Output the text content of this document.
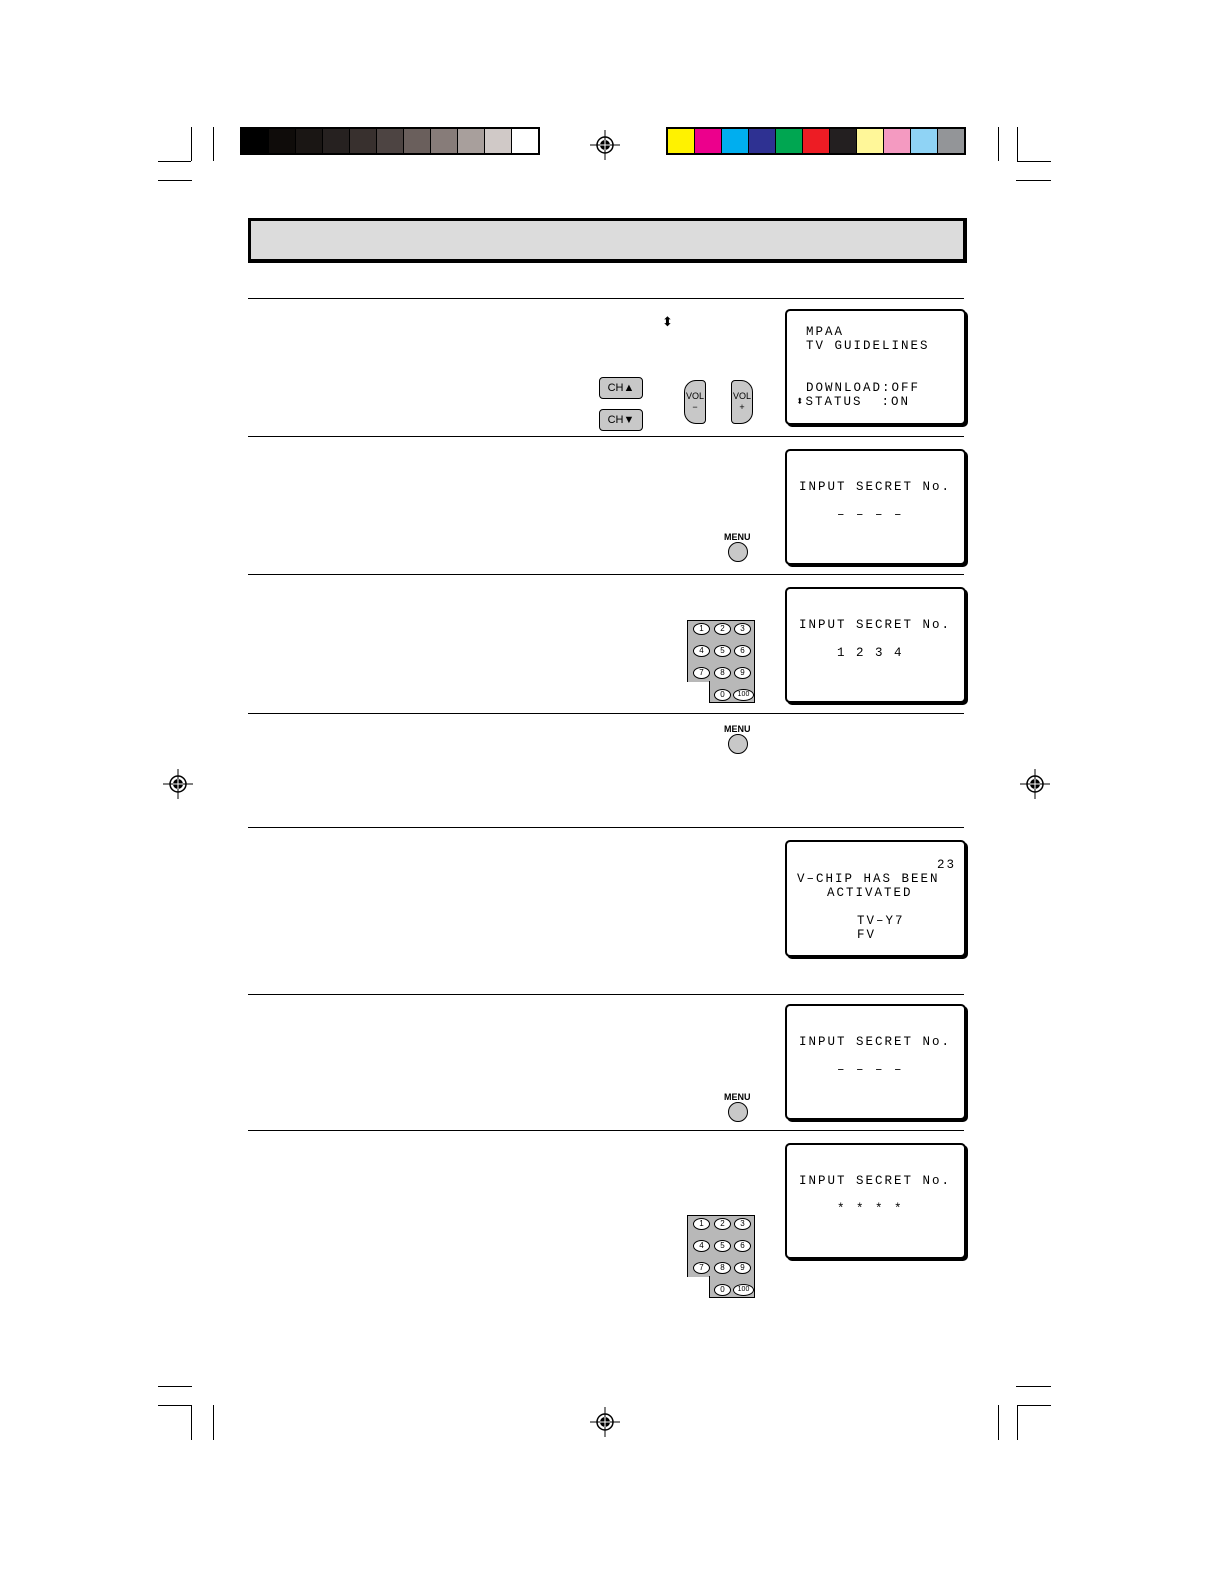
⬍
CH▲
CH▼
VOL
−
VOL
+
MPAA
TV GUIDELINES
DOWNLOAD:OFF
⬍STATUS  :ON
MENU
INPUT SECRET No.
– – – –
1	2	3
4	5	6
7	8	9
0	100
INPUT SECRET No.
1 2 3 4
MENU
23
V–CHIP HAS BEEN
ACTIVATED
TV–Y7
FV
MENU
INPUT SECRET No.
– – – –
1	2	3
4	5	6
7	8	9
0	100
INPUT SECRET No.
* * * *
